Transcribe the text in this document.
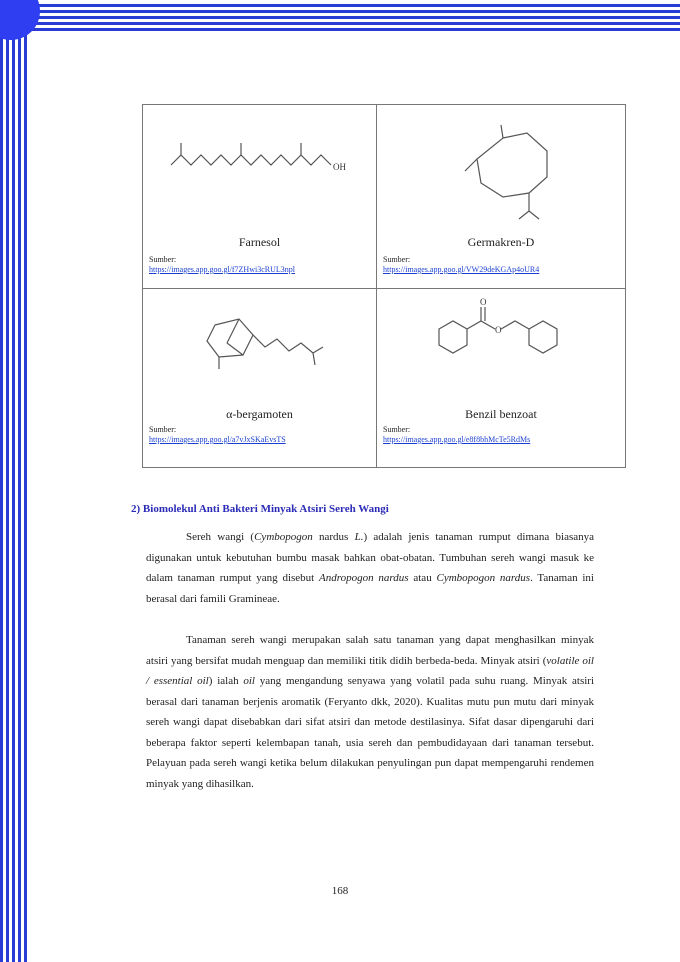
OH
Farnesol
Sumber:
https://images.app.goo.gl/f7ZHwi3cRUL3npl
Germakren-D
Sumber:
https://images.app.goo.gl/VW29deKGAp4oUR4
α-bergamoten
Sumber:
https://images.app.goo.gl/a7vJxSKaEvsTS
O
O
Benzil benzoat
Sumber:
https://images.app.goo.gl/e8f8bhMcTe5RdMs
2) Biomolekul Anti Bakteri Minyak Atsiri Sereh Wangi

Sereh wangi (Cymbopogon nardus L.) adalah jenis tanaman rumput dimana biasanya digunakan untuk kebutuhan bumbu masak bahkan obat-obatan. Tumbuhan sereh wangi masuk ke dalam tanaman rumput yang disebut Andropogon nardus atau Cymbopogon nardus. Tanaman ini berasal dari famili Gramineae.

Tanaman sereh wangi merupakan salah satu tanaman yang dapat menghasilkan minyak atsiri yang bersifat mudah menguap dan memiliki titik didih berbeda-beda. Minyak atsiri (volatile oil / essential oil) ialah oil yang mengandung senyawa yang volatil pada suhu ruang. Minyak atsiri berasal dari tanaman berjenis aromatik (Feryanto dkk, 2020). Kualitas mutu pun mutu dari minyak sereh wangi dapat disebabkan dari sifat atsiri dan metode destilasinya. Sifat dasar dipengaruhi dari beberapa faktor seperti kelembapan tanah, usia sereh dan pembudidayaan dari tanaman tersebut. Pelayuan pada sereh wangi ketika belum dilakukan penyulingan pun dapat mempengaruhi rendemen minyak yang dihasilkan.

168
